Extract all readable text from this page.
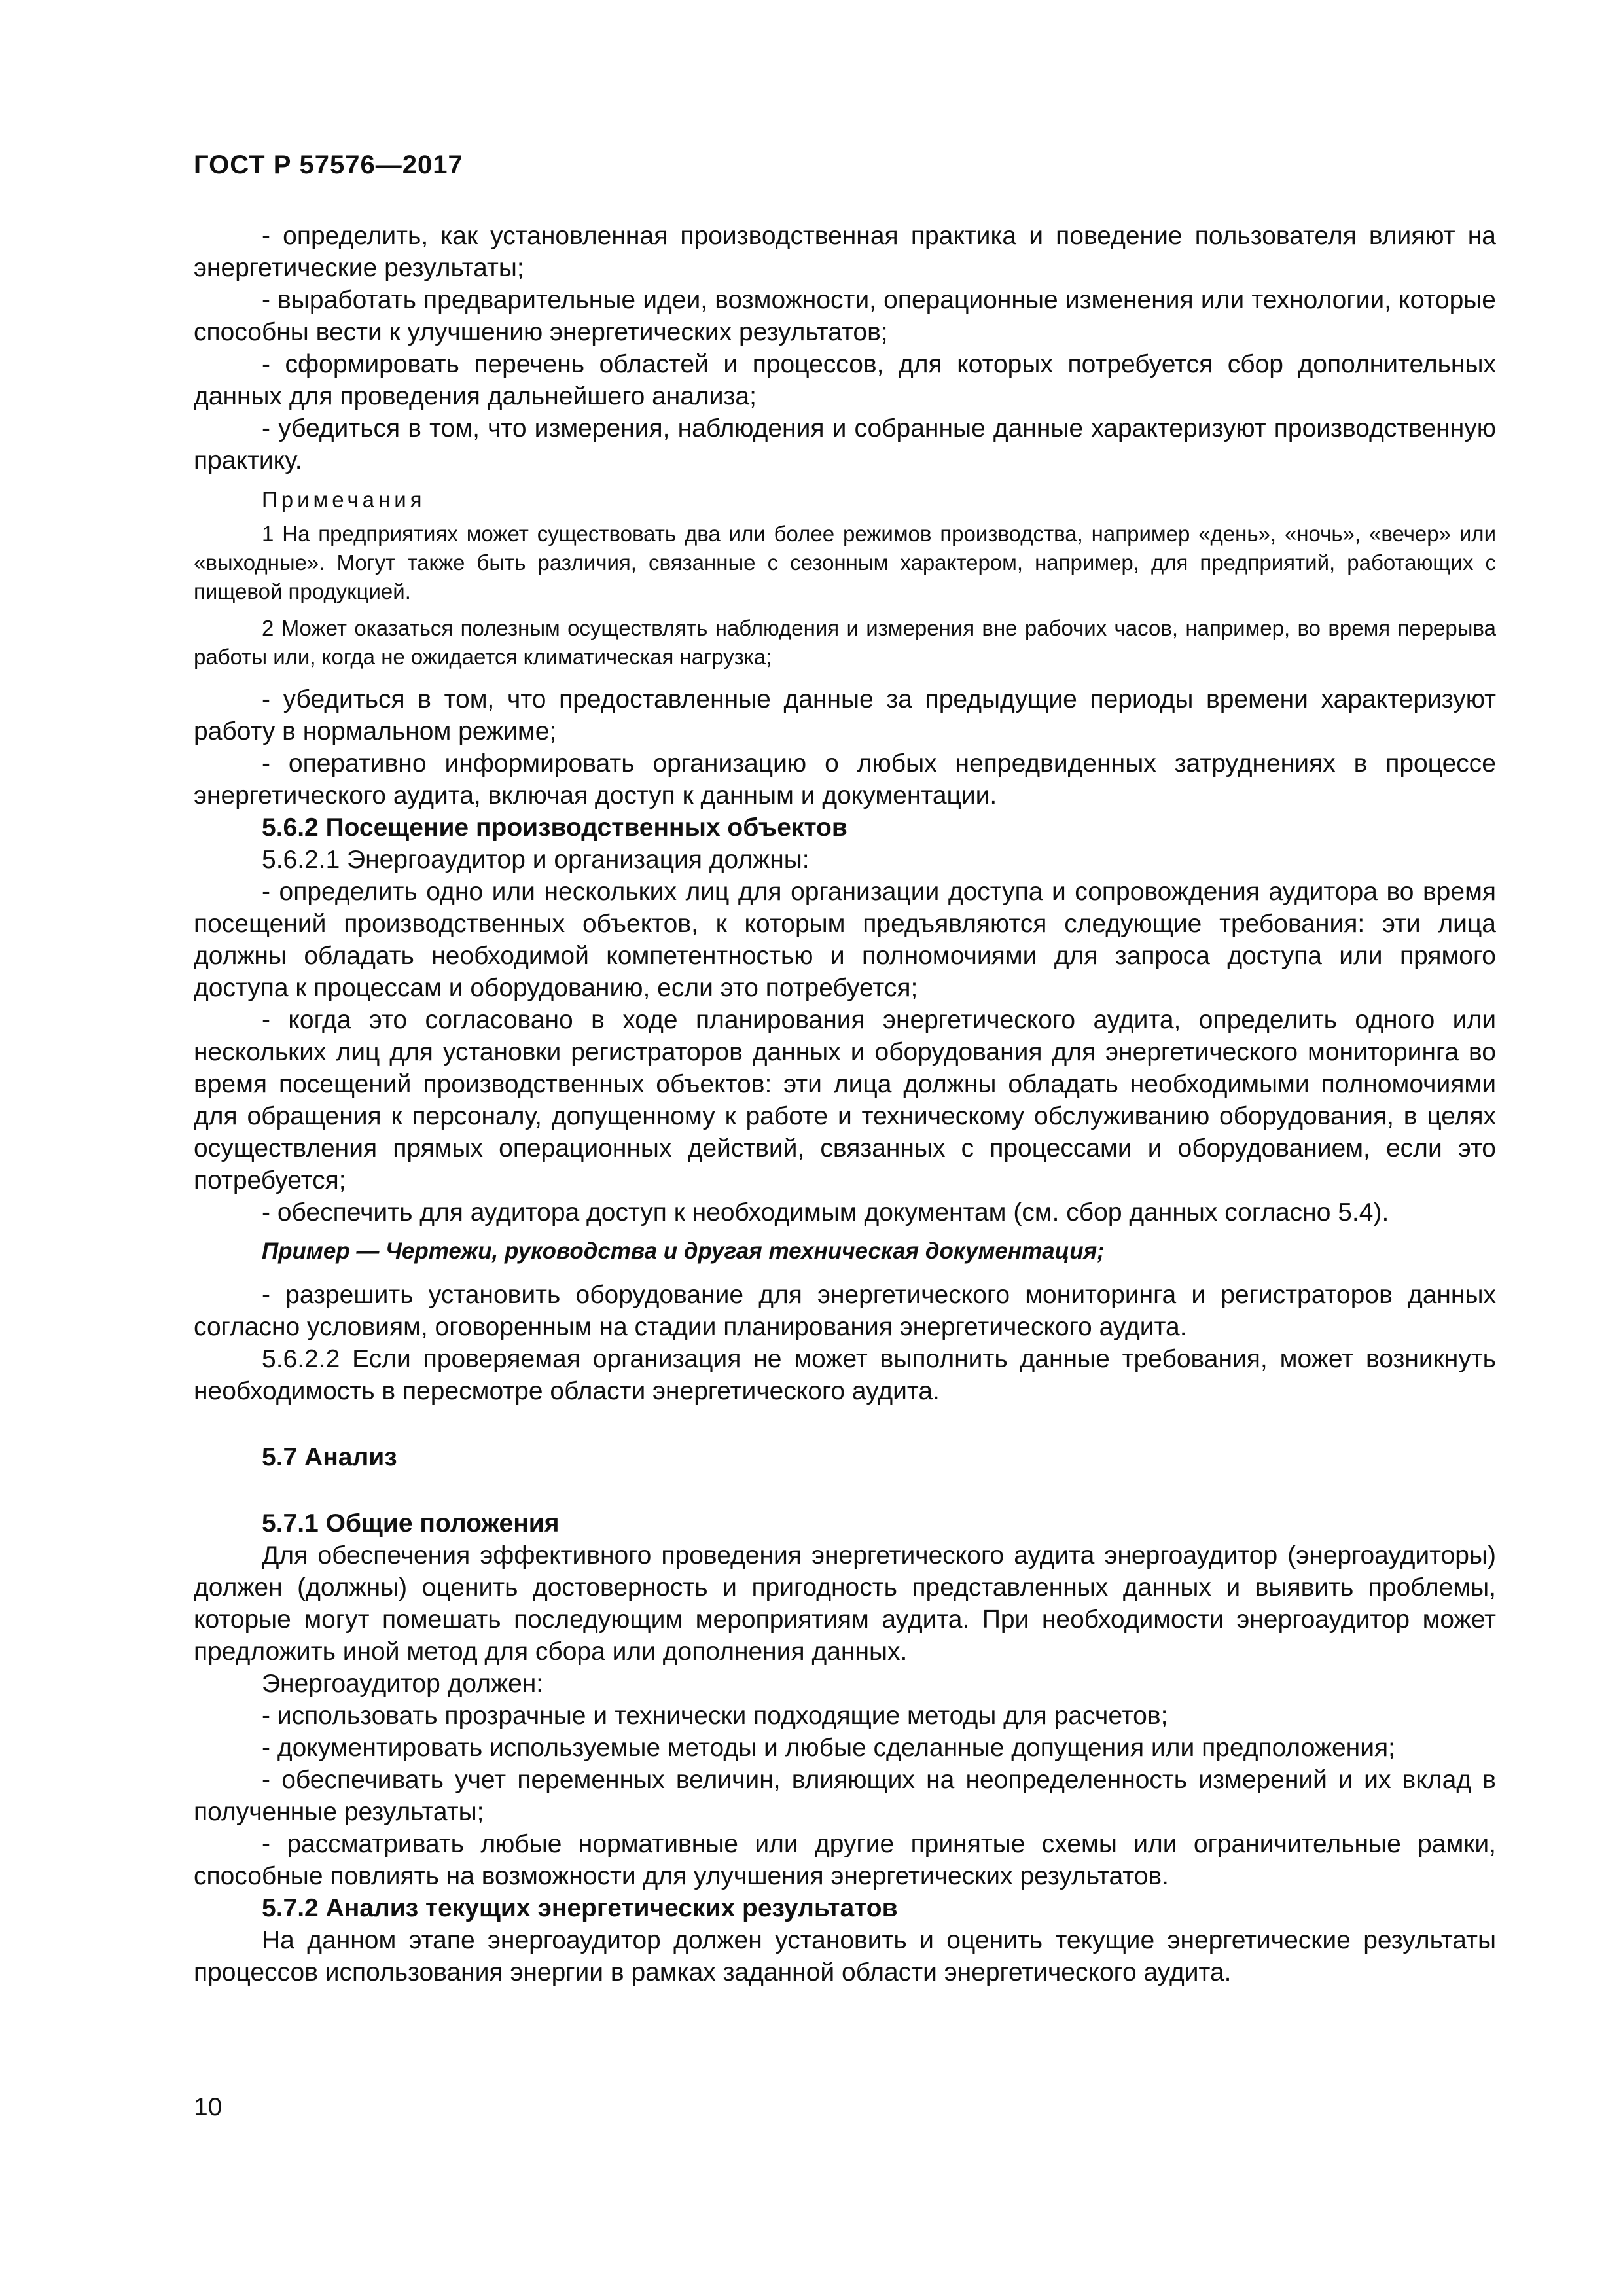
ГОСТ Р 57576—2017

- определить, как установленная производственная практика и поведение пользователя влияют на энергетические результаты;

- выработать предварительные идеи, возможности, операционные изменения или технологии, которые способны вести к улучшению энергетических результатов;

- сформировать перечень областей и процессов, для которых потребуется сбор дополнительных данных для проведения дальнейшего анализа;

- убедиться в том, что измерения, наблюдения и собранные данные характеризуют производственную практику.

Примечания

1 На предприятиях может существовать два или более режимов производства, например «день», «ночь», «вечер» или «выходные». Могут также быть различия, связанные с сезонным характером, например, для предприятий, работающих с пищевой продукцией.

2 Может оказаться полезным осуществлять наблюдения и измерения вне рабочих часов, например, во время перерыва работы или, когда не ожидается климатическая нагрузка;

- убедиться в том, что предоставленные данные за предыдущие периоды времени характеризуют работу в нормальном режиме;

- оперативно информировать организацию о любых непредвиденных затруднениях в процессе энергетического аудита, включая доступ к данным и документации.

5.6.2 Посещение производственных объектов

5.6.2.1 Энергоаудитор и организация должны:

- определить одно или нескольких лиц для организации доступа и сопровождения аудитора во время посещений производственных объектов, к которым предъявляются следующие требования: эти лица должны обладать необходимой компетентностью и полномочиями для запроса доступа или прямого доступа к процессам и оборудованию, если это потребуется;

- когда это согласовано в ходе планирования энергетического аудита, определить одного или нескольких лиц для установки регистраторов данных и оборудования для энергетического мониторинга во время посещений производственных объектов: эти лица должны обладать необходимыми полномочиями для обращения к персоналу, допущенному к работе и техническому обслуживанию оборудования, в целях осуществления прямых операционных действий, связанных с процессами и оборудованием, если это потребуется;

- обеспечить для аудитора доступ к необходимым документам (см. сбор данных согласно 5.4).

Пример — Чертежи, руководства и другая техническая документация;

- разрешить установить оборудование для энергетического мониторинга и регистраторов данных согласно условиям, оговоренным на стадии планирования энергетического аудита.

5.6.2.2 Если проверяемая организация не может выполнить данные требования, может возникнуть необходимость в пересмотре области энергетического аудита.

5.7 Анализ

5.7.1 Общие положения

Для обеспечения эффективного проведения энергетического аудита энергоаудитор (энергоаудиторы) должен (должны) оценить достоверность и пригодность представленных данных и выявить проблемы, которые могут помешать последующим мероприятиям аудита. При необходимости энергоаудитор может предложить иной метод для сбора или дополнения данных.

Энергоаудитор должен:

- использовать прозрачные и технически подходящие методы для расчетов;

- документировать используемые методы и любые сделанные допущения или предположения;

- обеспечивать учет переменных величин, влияющих на неопределенность измерений и их вклад в полученные результаты;

- рассматривать любые нормативные или другие принятые схемы или ограничительные рамки, способные повлиять на возможности для улучшения энергетических результатов.

5.7.2 Анализ текущих энергетических результатов

На данном этапе энергоаудитор должен установить и оценить текущие энергетические результаты процессов использования энергии в рамках заданной области энергетического аудита.

10
